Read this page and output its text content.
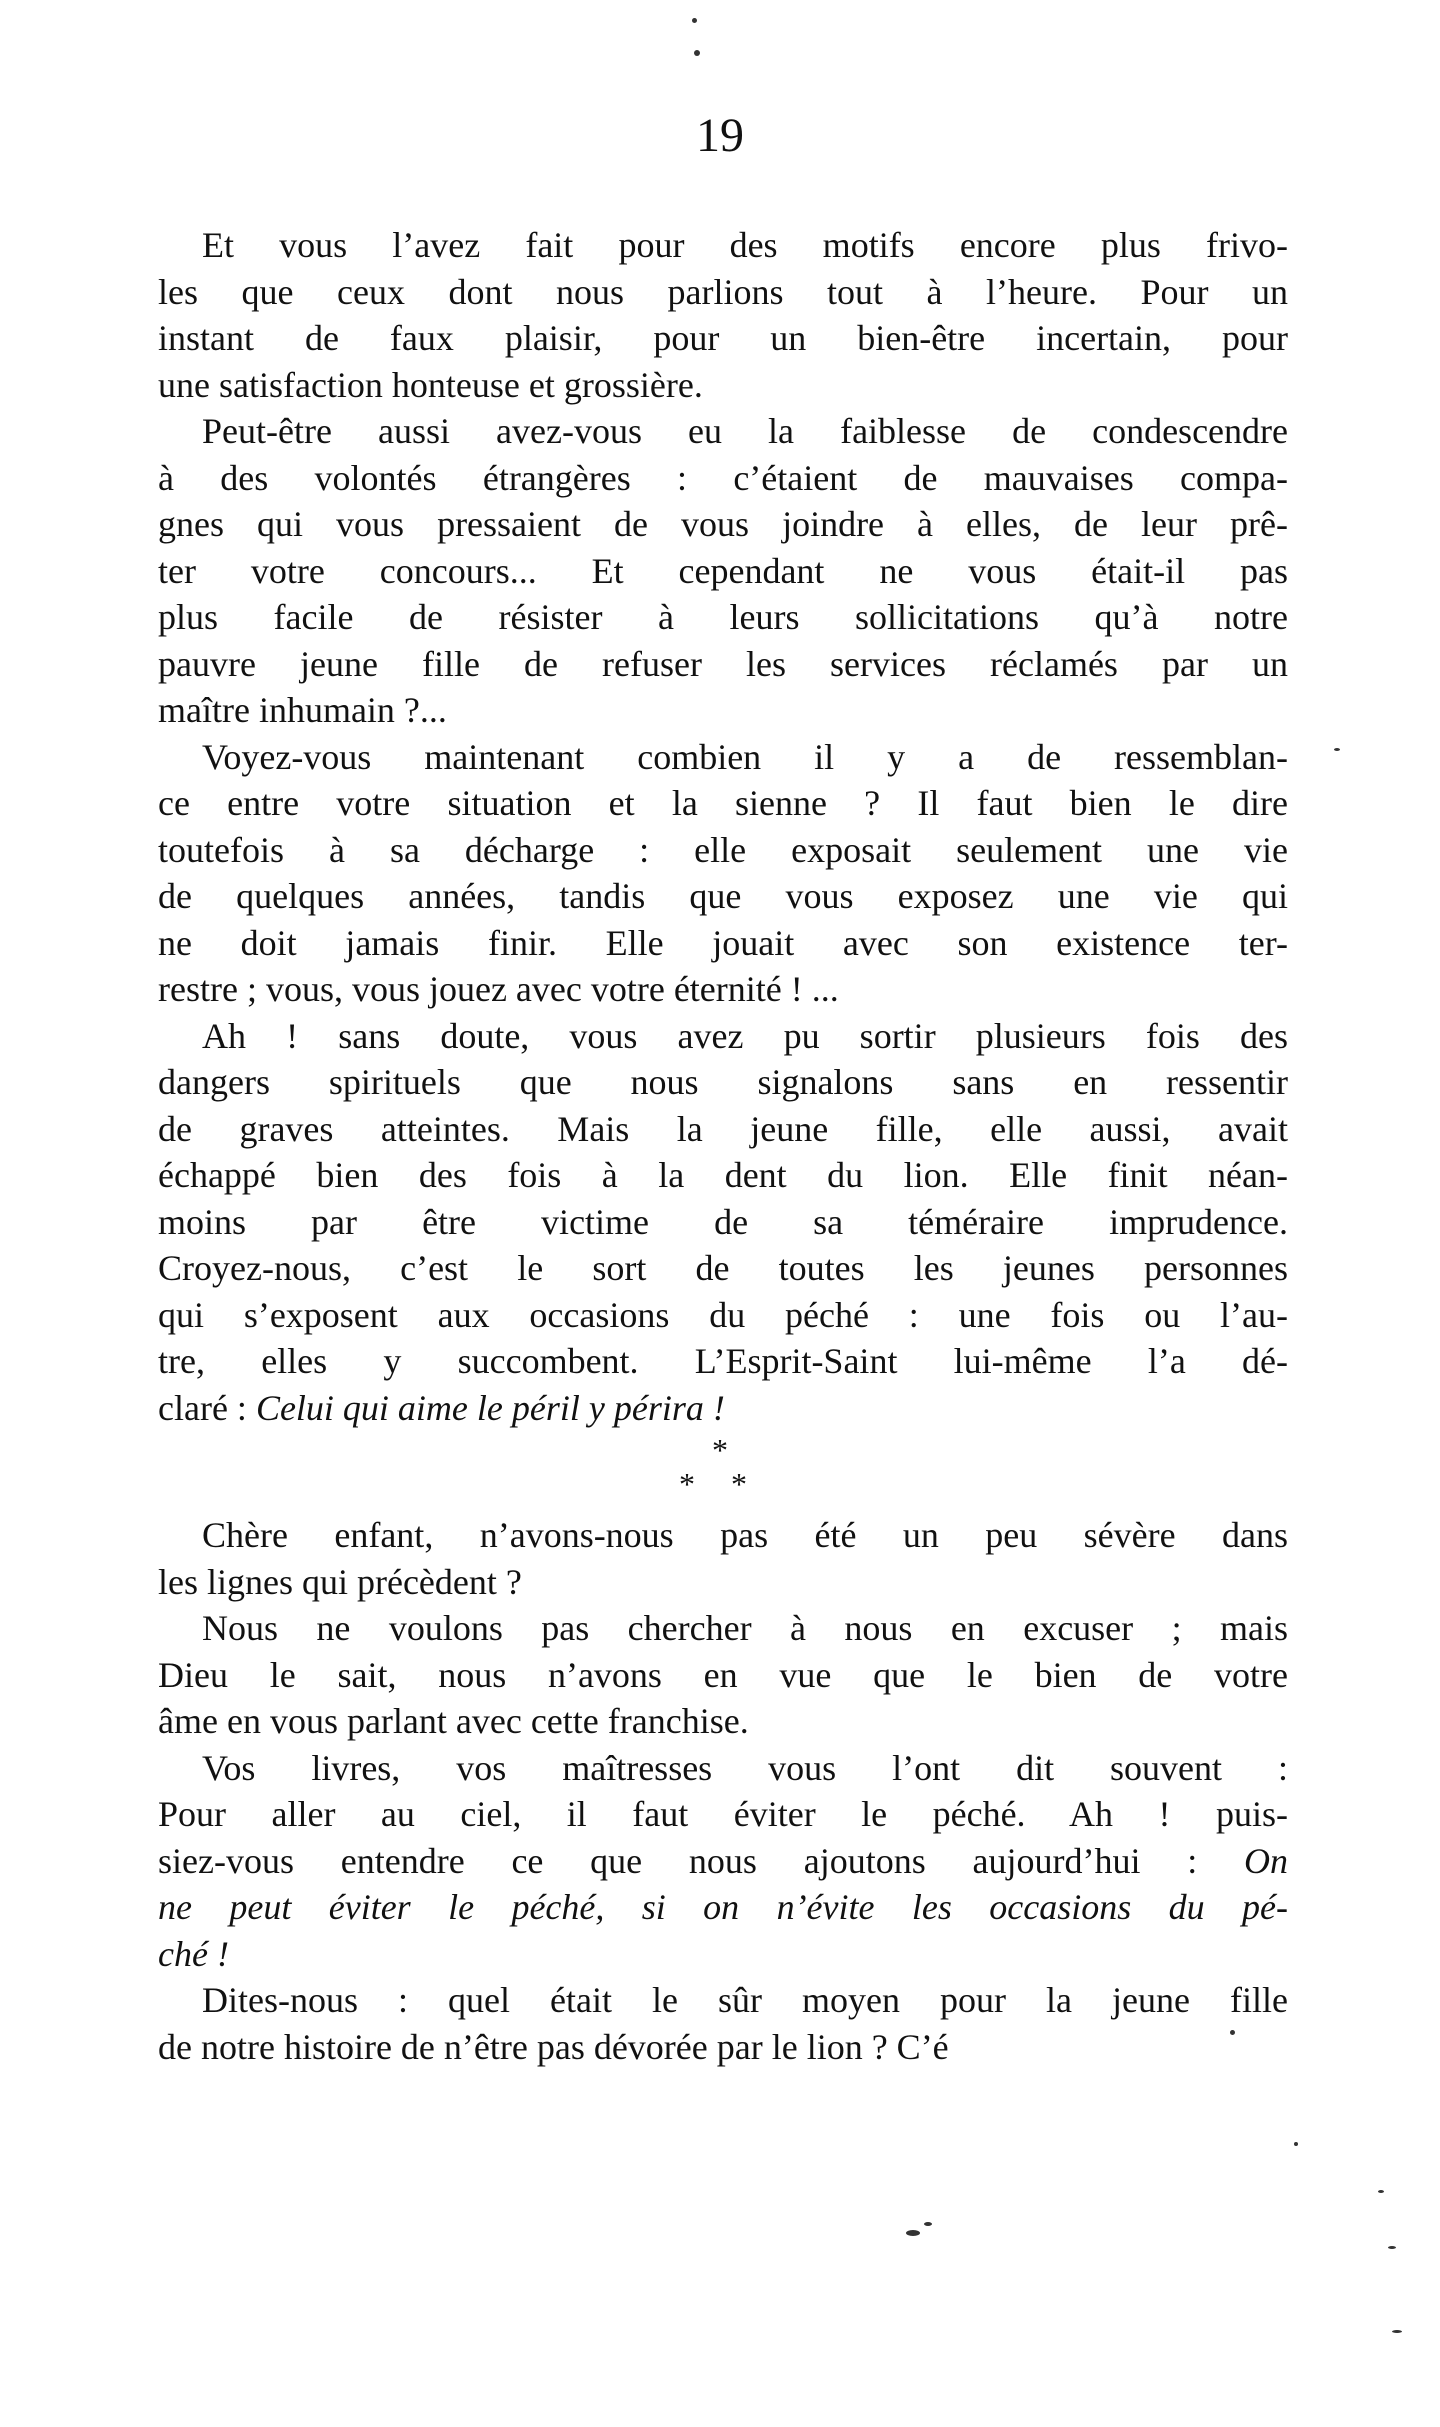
19
Et vous l’avez fait pour des motifs encore plus frivo-
les que ceux dont nous parlions tout à l’heure. Pour un
instant de faux plaisir, pour un bien-être incertain, pour
une satisfaction honteuse et grossière.
Peut-être aussi avez-vous eu la faiblesse de condescendre
à des volontés étrangères : c’étaient de mauvaises compa-
gnes qui vous pressaient de vous joindre à elles, de leur prê-
ter votre concours... Et cependant ne vous était-il pas
plus facile de résister à leurs sollicitations qu’à notre
pauvre jeune fille de refuser les services réclamés par un
maître inhumain ?...
Voyez-vous maintenant combien il y a de ressemblan-
ce entre votre situation et la sienne ? Il faut bien le dire
toutefois à sa décharge : elle exposait seulement une vie
de quelques années, tandis que vous exposez une vie qui
ne doit jamais finir. Elle jouait avec son existence ter-
restre ; vous, vous jouez avec votre éternité ! ...
Ah ! sans doute, vous avez pu sortir plusieurs fois des
dangers spirituels que nous signalons sans en ressentir
de graves atteintes. Mais la jeune fille, elle aussi, avait
échappé bien des fois à la dent du lion. Elle finit néan-
moins par être victime de sa téméraire imprudence.
Croyez-nous, c’est le sort de toutes les jeunes personnes
qui s’exposent aux occasions du péché : une fois ou l’au-
tre, elles y succombent. L’Esprit-Saint lui-même l’a dé-
claré : Celui qui aime le péril y périra !
*
* *
Chère enfant, n’avons-nous pas été un peu sévère dans
les lignes qui précèdent ?
Nous ne voulons pas chercher à nous en excuser ; mais
Dieu le sait, nous n’avons en vue que le bien de votre
âme en vous parlant avec cette franchise.
Vos livres, vos maîtresses vous l’ont dit souvent :
Pour aller au ciel, il faut éviter le péché. Ah ! puis-
siez-vous entendre ce que nous ajoutons aujourd’hui : On
ne peut éviter le péché, si on n’évite les occasions du pé-
ché !
Dites-nous : quel était le sûr moyen pour la jeune fille
de notre histoire de n’être pas dévorée par le lion ? C’é
